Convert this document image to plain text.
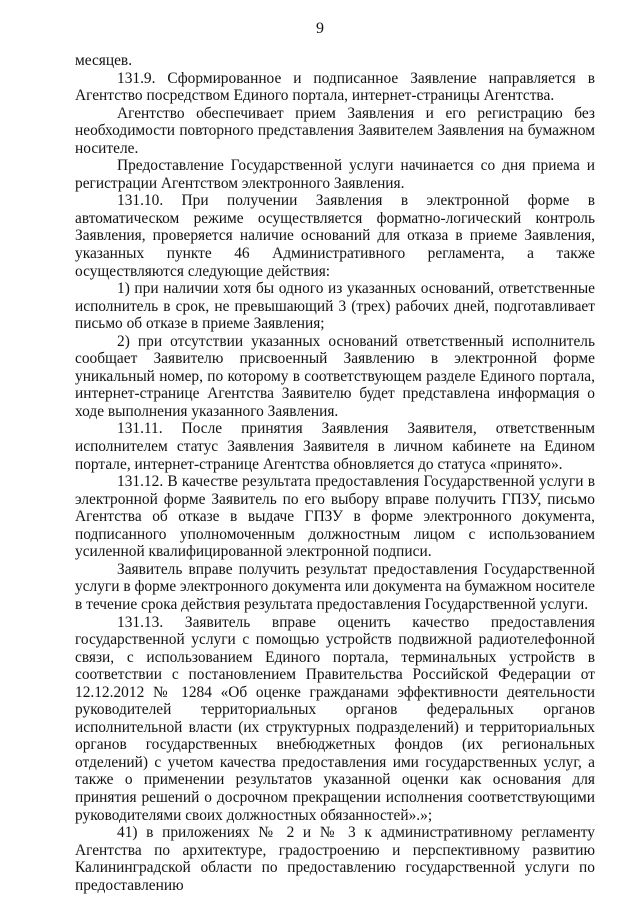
9

месяцев.

131.9. Сформированное и подписанное Заявление направляется в Агентство посредством Единого портала, интернет-страницы Агентства.

Агентство обеспечивает прием Заявления и его регистрацию без необходимости повторного представления Заявителем Заявления на бумажном носителе.

Предоставление Государственной услуги начинается со дня приема и регистрации Агентством электронного Заявления.

131.10. При получении Заявления в электронной форме в автоматическом режиме осуществляется форматно-логический контроль Заявления, проверяется наличие оснований для отказа в приеме Заявления, указанных пункте 46 Административного регламента, а также осуществляются следующие действия:

1) при наличии хотя бы одного из указанных оснований, ответственные исполнитель в срок, не превышающий 3 (трех) рабочих дней, подготавливает письмо об отказе в приеме Заявления;

2) при отсутствии указанных оснований ответственный исполнитель сообщает Заявителю присвоенный Заявлению в электронной форме уникальный номер, по которому в соответствующем разделе Единого портала, интернет-странице Агентства Заявителю будет представлена информация о ходе выполнения указанного Заявления.

131.11. После принятия Заявления Заявителя, ответственным исполнителем статус Заявления Заявителя в личном кабинете на Едином портале, интернет-странице Агентства обновляется до статуса «принято».

131.12. В качестве результата предоставления Государственной услуги в электронной форме Заявитель по его выбору вправе получить ГПЗУ, письмо Агентства об отказе в выдаче ГПЗУ в форме электронного документа, подписанного уполномоченным должностным лицом с использованием усиленной квалифицированной электронной подписи.

Заявитель вправе получить результат предоставления Государственной услуги в форме электронного документа или документа на бумажном носителе в течение срока действия результата предоставления Государственной услуги.

131.13. Заявитель вправе оценить качество предоставления государственной услуги с помощью устройств подвижной радиотелефонной связи, с использованием Единого портала, терминальных устройств в соответствии с постановлением Правительства Российской Федерации от 12.12.2012 № 1284 «Об оценке гражданами эффективности деятельности руководителей территориальных органов федеральных органов исполнительной власти (их структурных подразделений) и территориальных органов государственных внебюджетных фондов (их региональных отделений) с учетом качества предоставления ими государственных услуг, а также о применении результатов указанной оценки как основания для принятия решений о досрочном прекращении исполнения соответствующими руководителями своих должностных обязанностей».»;

41) в приложениях № 2 и № 3 к административному регламенту Агентства по архитектуре, градостроению и перспективному развитию Калининградской области по предоставлению государственной услуги по предоставлению
